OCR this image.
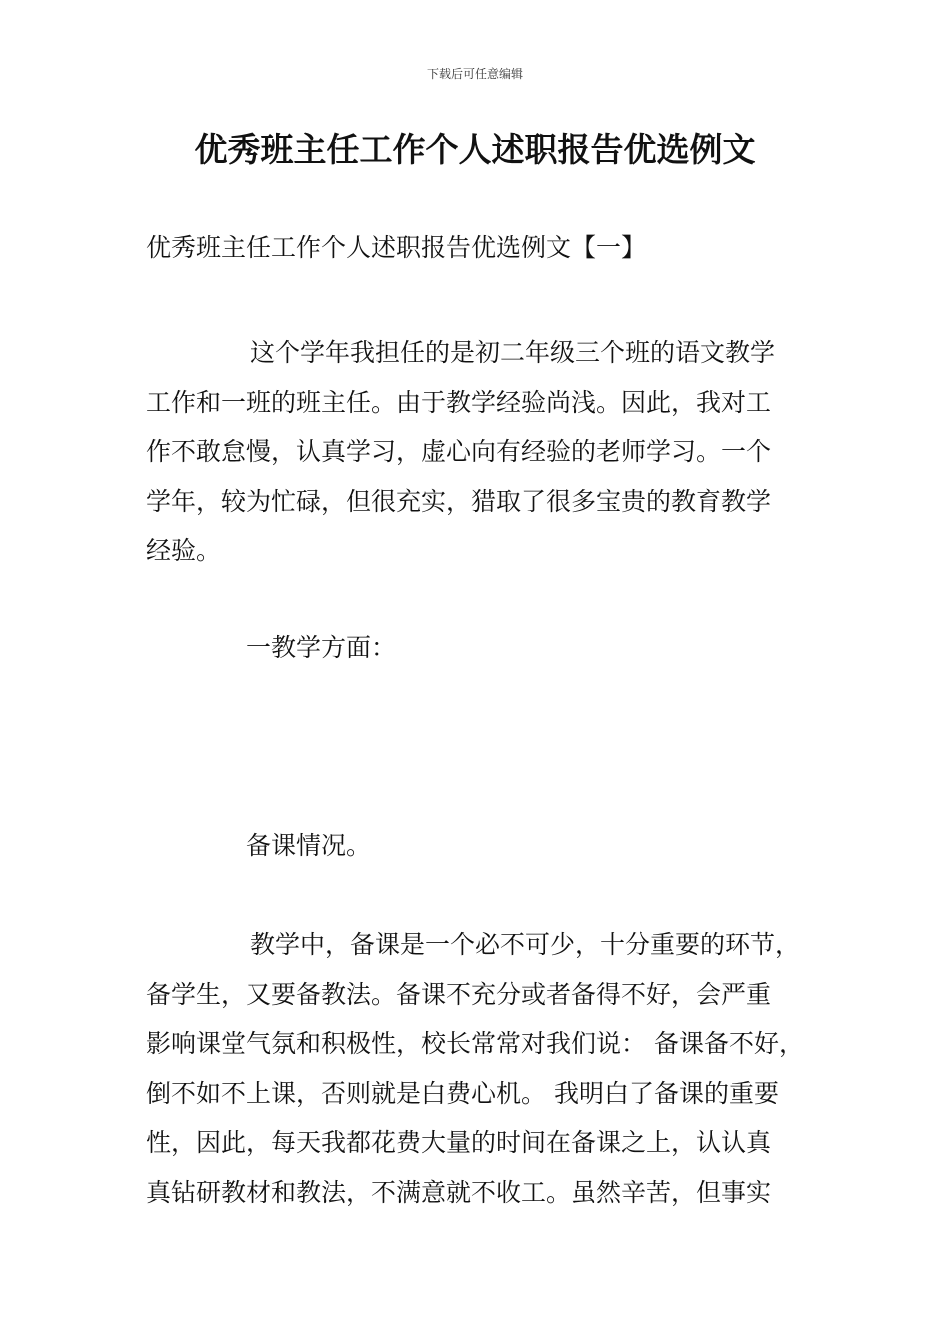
下载后可任意编辑
优秀班主任工作个人述职报告优选例文

优秀班主任工作个人述职报告优选例文【一】

这个学年我担任的是初二年级三个班的语文教学
工作和一班的班主任。由于教学经验尚浅。因此，我对工
作不敢怠慢，认真学习，虚心向有经验的老师学习。一个
学年，较为忙碌，但很充实，猎取了很多宝贵的教育教学
经验。

一教学方面：

备课情况。

教学中，备课是一个必不可少，十分重要的环节，
备学生，又要备教法。备课不充分或者备得不好，会严重
影响课堂气氛和积极性，校长常常对我们说： 备课备不好，
倒不如不上课，否则就是白费心机。 我明白了备课的重要
性，因此，每天我都花费大量的时间在备课之上，认认真
真钻研教材和教法，不满意就不收工。虽然辛苦，但事实
